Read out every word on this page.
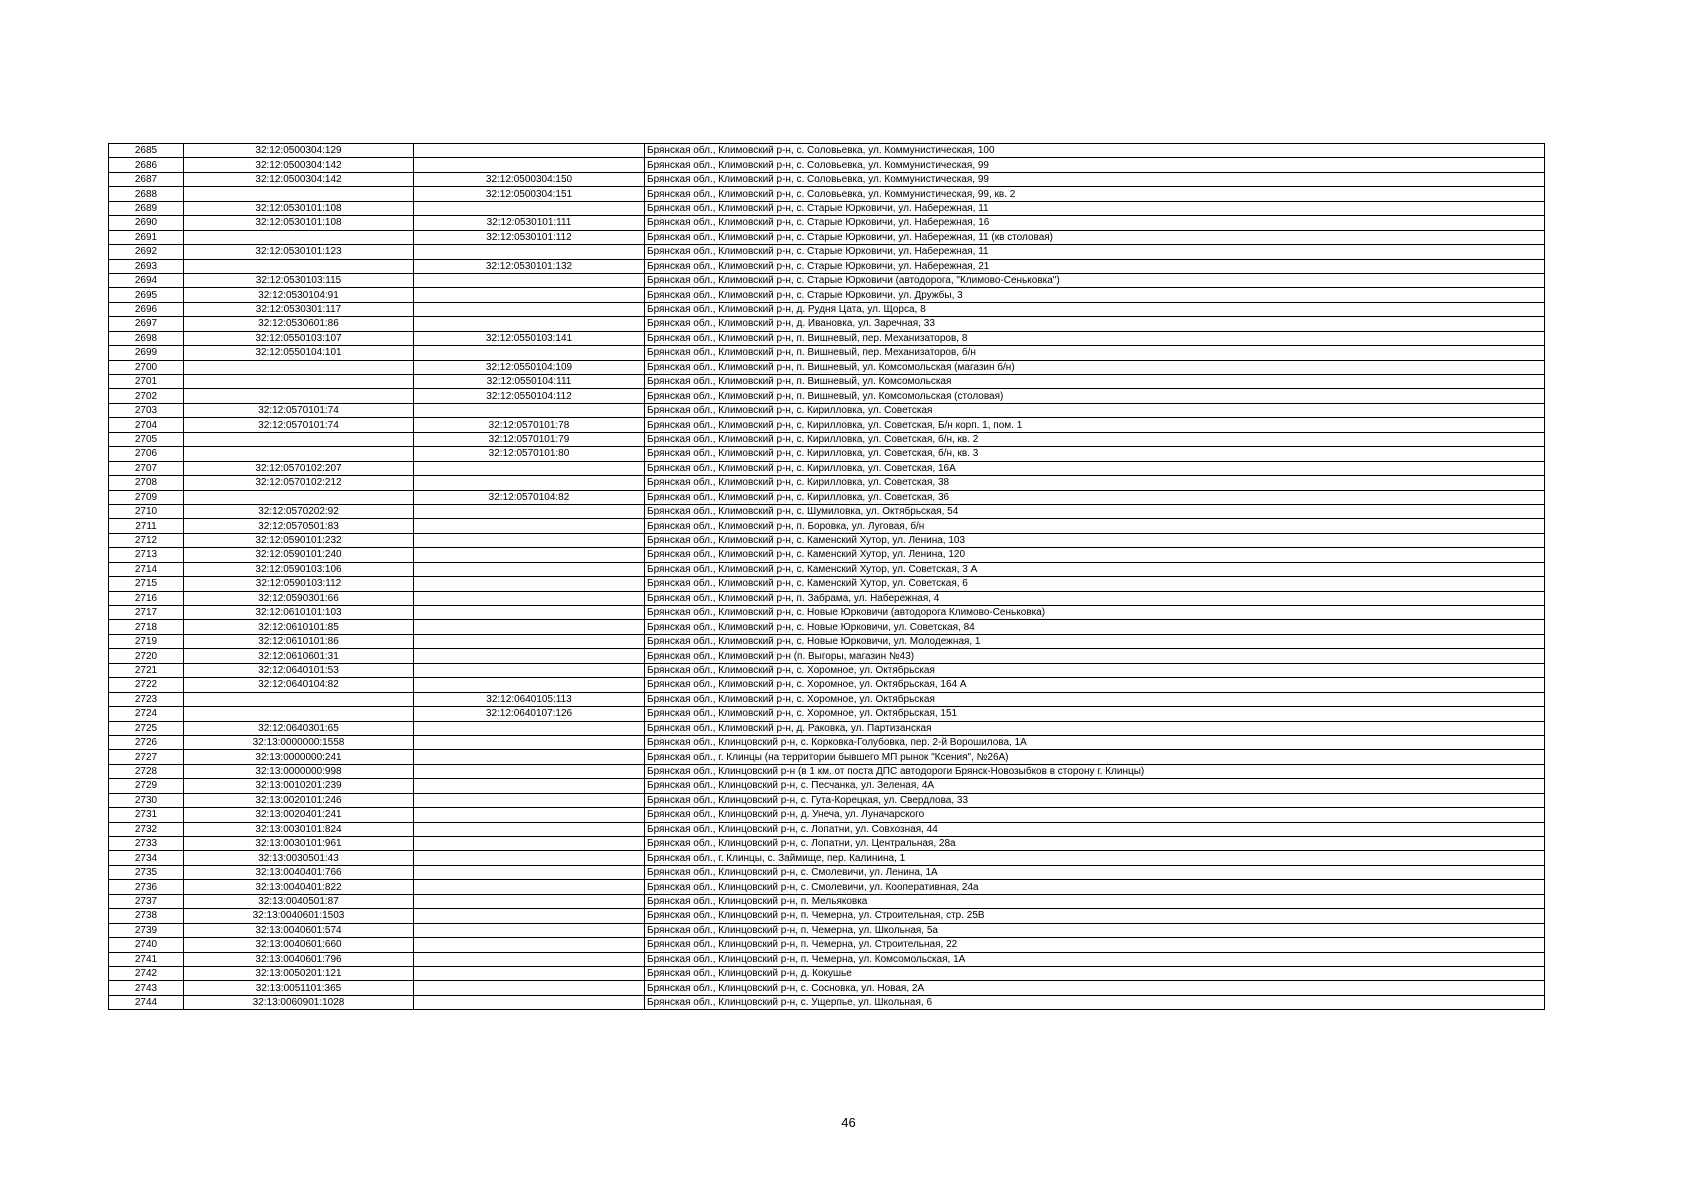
2685	32:12:0500304:129		Брянская обл., Климовский р-н, с. Соловьевка, ул. Коммунистическая, 100
2686	32:12:0500304:142		Брянская обл., Климовский р-н, с. Соловьевка, ул. Коммунистическая, 99
2687	32:12:0500304:142	32:12:0500304:150	Брянская обл., Климовский р-н, с. Соловьевка, ул. Коммунистическая, 99
2688		32:12:0500304:151	Брянская обл., Климовский р-н, с. Соловьевка, ул. Коммунистическая, 99, кв. 2
2689	32:12:0530101:108		Брянская обл., Климовский р-н, с. Старые Юрковичи, ул. Набережная, 11
2690	32:12:0530101:108	32:12:0530101:111	Брянская обл., Климовский р-н, с. Старые Юрковичи, ул. Набережная, 16
2691		32:12:0530101:112	Брянская обл., Климовский р-н, с. Старые Юрковичи, ул. Набережная, 11 (кв столовая)
2692	32:12:0530101:123		Брянская обл., Климовский р-н, с. Старые Юрковичи, ул. Набережная, 11
2693		32:12:0530101:132	Брянская обл., Климовский р-н, с. Старые Юрковичи, ул. Набережная, 21
2694	32:12:0530103:115		Брянская обл., Климовский р-н, с. Старые Юрковичи (автодорога, "Климово-Сеньковка")
2695	32:12:0530104:91		Брянская обл., Климовский р-н, с. Старые Юрковичи, ул. Дружбы, 3
2696	32:12:0530301:117		Брянская обл., Климовский р-н, д. Рудня Цата, ул. Щорса, 8
2697	32:12:0530601:86		Брянская обл., Климовский р-н, д. Ивановка, ул. Заречная, 33
2698	32:12:0550103:107	32:12:0550103:141	Брянская обл., Климовский р-н, п. Вишневый, пер. Механизаторов, 8
2699	32:12:0550104:101		Брянская обл., Климовский р-н, п. Вишневый, пер. Механизаторов, б/н
2700		32:12:0550104:109	Брянская обл., Климовский р-н, п. Вишневый, ул. Комсомольская (магазин б/н)
2701		32:12:0550104:111	Брянская обл., Климовский р-н, п. Вишневый, ул. Комсомольская
2702		32:12:0550104:112	Брянская обл., Климовский р-н, п. Вишневый, ул. Комсомольская (столовая)
2703	32:12:0570101:74		Брянская обл., Климовский р-н, с. Кирилловка, ул. Советская
2704	32:12:0570101:74	32:12:0570101:78	Брянская обл., Климовский р-н, с. Кирилловка, ул. Советская, Б/н корп. 1, пом. 1
2705		32:12:0570101:79	Брянская обл., Климовский р-н, с. Кирилловка, ул. Советская, б/н, кв. 2
2706		32:12:0570101:80	Брянская обл., Климовский р-н, с. Кирилловка, ул. Советская, б/н, кв. 3
2707	32:12:0570102:207		Брянская обл., Климовский р-н, с. Кирилловка, ул. Советская, 16А
2708	32:12:0570102:212		Брянская обл., Климовский р-н, с. Кирилловка, ул. Советская, 38
2709		32:12:0570104:82	Брянская обл., Климовский р-н, с. Кирилловка, ул. Советская, 36
2710	32:12:0570202:92		Брянская обл., Климовский р-н, с. Шумиловка, ул. Октябрьская, 54
2711	32:12:0570501:83		Брянская обл., Климовский р-н, п. Боровка, ул. Луговая, б/н
2712	32:12:0590101:232		Брянская обл., Климовский р-н, с. Каменский Хутор, ул. Ленина, 103
2713	32:12:0590101:240		Брянская обл., Климовский р-н, с. Каменский Хутор, ул. Ленина, 120
2714	32:12:0590103:106		Брянская обл., Климовский р-н, с. Каменский Хутор, ул. Советская, 3 А
2715	32:12:0590103:112		Брянская обл., Климовский р-н, с. Каменский Хутор, ул. Советская, 6
2716	32:12:0590301:66		Брянская обл., Климовский р-н, п. Забрама, ул. Набережная, 4
2717	32:12:0610101:103		Брянская обл., Климовский р-н, с. Новые Юрковичи (автодорога Климово-Сеньковка)
2718	32:12:0610101:85		Брянская обл., Климовский р-н, с. Новые Юрковичи, ул. Советская, 84
2719	32:12:0610101:86		Брянская обл., Климовский р-н, с. Новые Юрковичи, ул. Молодежная, 1
2720	32:12:0610601:31		Брянская обл., Климовский р-н (п. Выгоры, магазин №43)
2721	32:12:0640101:53		Брянская обл., Климовский р-н, с. Хоромное, ул. Октябрьская
2722	32:12:0640104:82		Брянская обл., Климовский р-н, с. Хоромное, ул. Октябрьская, 164 А
2723		32:12:0640105:113	Брянская обл., Климовский р-н, с. Хоромное, ул. Октябрьская
2724		32:12:0640107:126	Брянская обл., Климовский р-н, с. Хоромное, ул. Октябрьская, 151
2725	32:12:0640301:65		Брянская обл., Климовский р-н, д. Раковка, ул. Партизанская
2726	32:13:0000000:1558		Брянская обл., Клинцовский р-н, с. Корковка-Голубовка, пер. 2-й Ворошилова, 1А
2727	32:13:0000000:241		Брянская обл., г. Клинцы (на территории бывшего МП рынок "Ксения", №26А)
2728	32:13:0000000:998		Брянская обл., Клинцовский р-н (в 1 км. от поста ДПС автодороги Брянск-Новозыбков в сторону г. Клинцы)
2729	32:13:0010201:239		Брянская обл., Клинцовский р-н, с. Песчанка, ул. Зеленая, 4А
2730	32:13:0020101:246		Брянская обл., Клинцовский р-н, с. Гута-Корецкая, ул. Свердлова, 33
2731	32:13:0020401:241		Брянская обл., Клинцовский р-н, д. Унеча, ул. Луначарского
2732	32:13:0030101:824		Брянская обл., Клинцовский р-н, с. Лопатни, ул. Совхозная, 44
2733	32:13:0030101:961		Брянская обл., Клинцовский р-н, с. Лопатни, ул. Центральная, 28а
2734	32:13:0030501:43		Брянская обл., г. Клинцы, с. Займище, пер. Калинина, 1
2735	32:13:0040401:766		Брянская обл., Клинцовский р-н, с. Смолевичи, ул. Ленина, 1А
2736	32:13:0040401:822		Брянская обл., Клинцовский р-н, с. Смолевичи, ул. Кооперативная, 24а
2737	32:13:0040501:87		Брянская обл., Клинцовский р-н, п. Мельяковка
2738	32:13:0040601:1503		Брянская обл., Клинцовский р-н, п. Чемерна, ул. Строительная, стр. 25В
2739	32:13:0040601:574		Брянская обл., Клинцовский р-н, п. Чемерна, ул. Школьная, 5а
2740	32:13:0040601:660		Брянская обл., Клинцовский р-н, п. Чемерна, ул. Строительная, 22
2741	32:13:0040601:796		Брянская обл., Клинцовский р-н, п. Чемерна, ул. Комсомольская, 1А
2742	32:13:0050201:121		Брянская обл., Клинцовский р-н, д. Кокушье
2743	32:13:0051101:365		Брянская обл., Клинцовский р-н, с. Сосновка, ул. Новая, 2А
2744	32:13:0060901:1028		Брянская обл., Клинцовский р-н, с. Ущерпье, ул. Школьная, 6
46
